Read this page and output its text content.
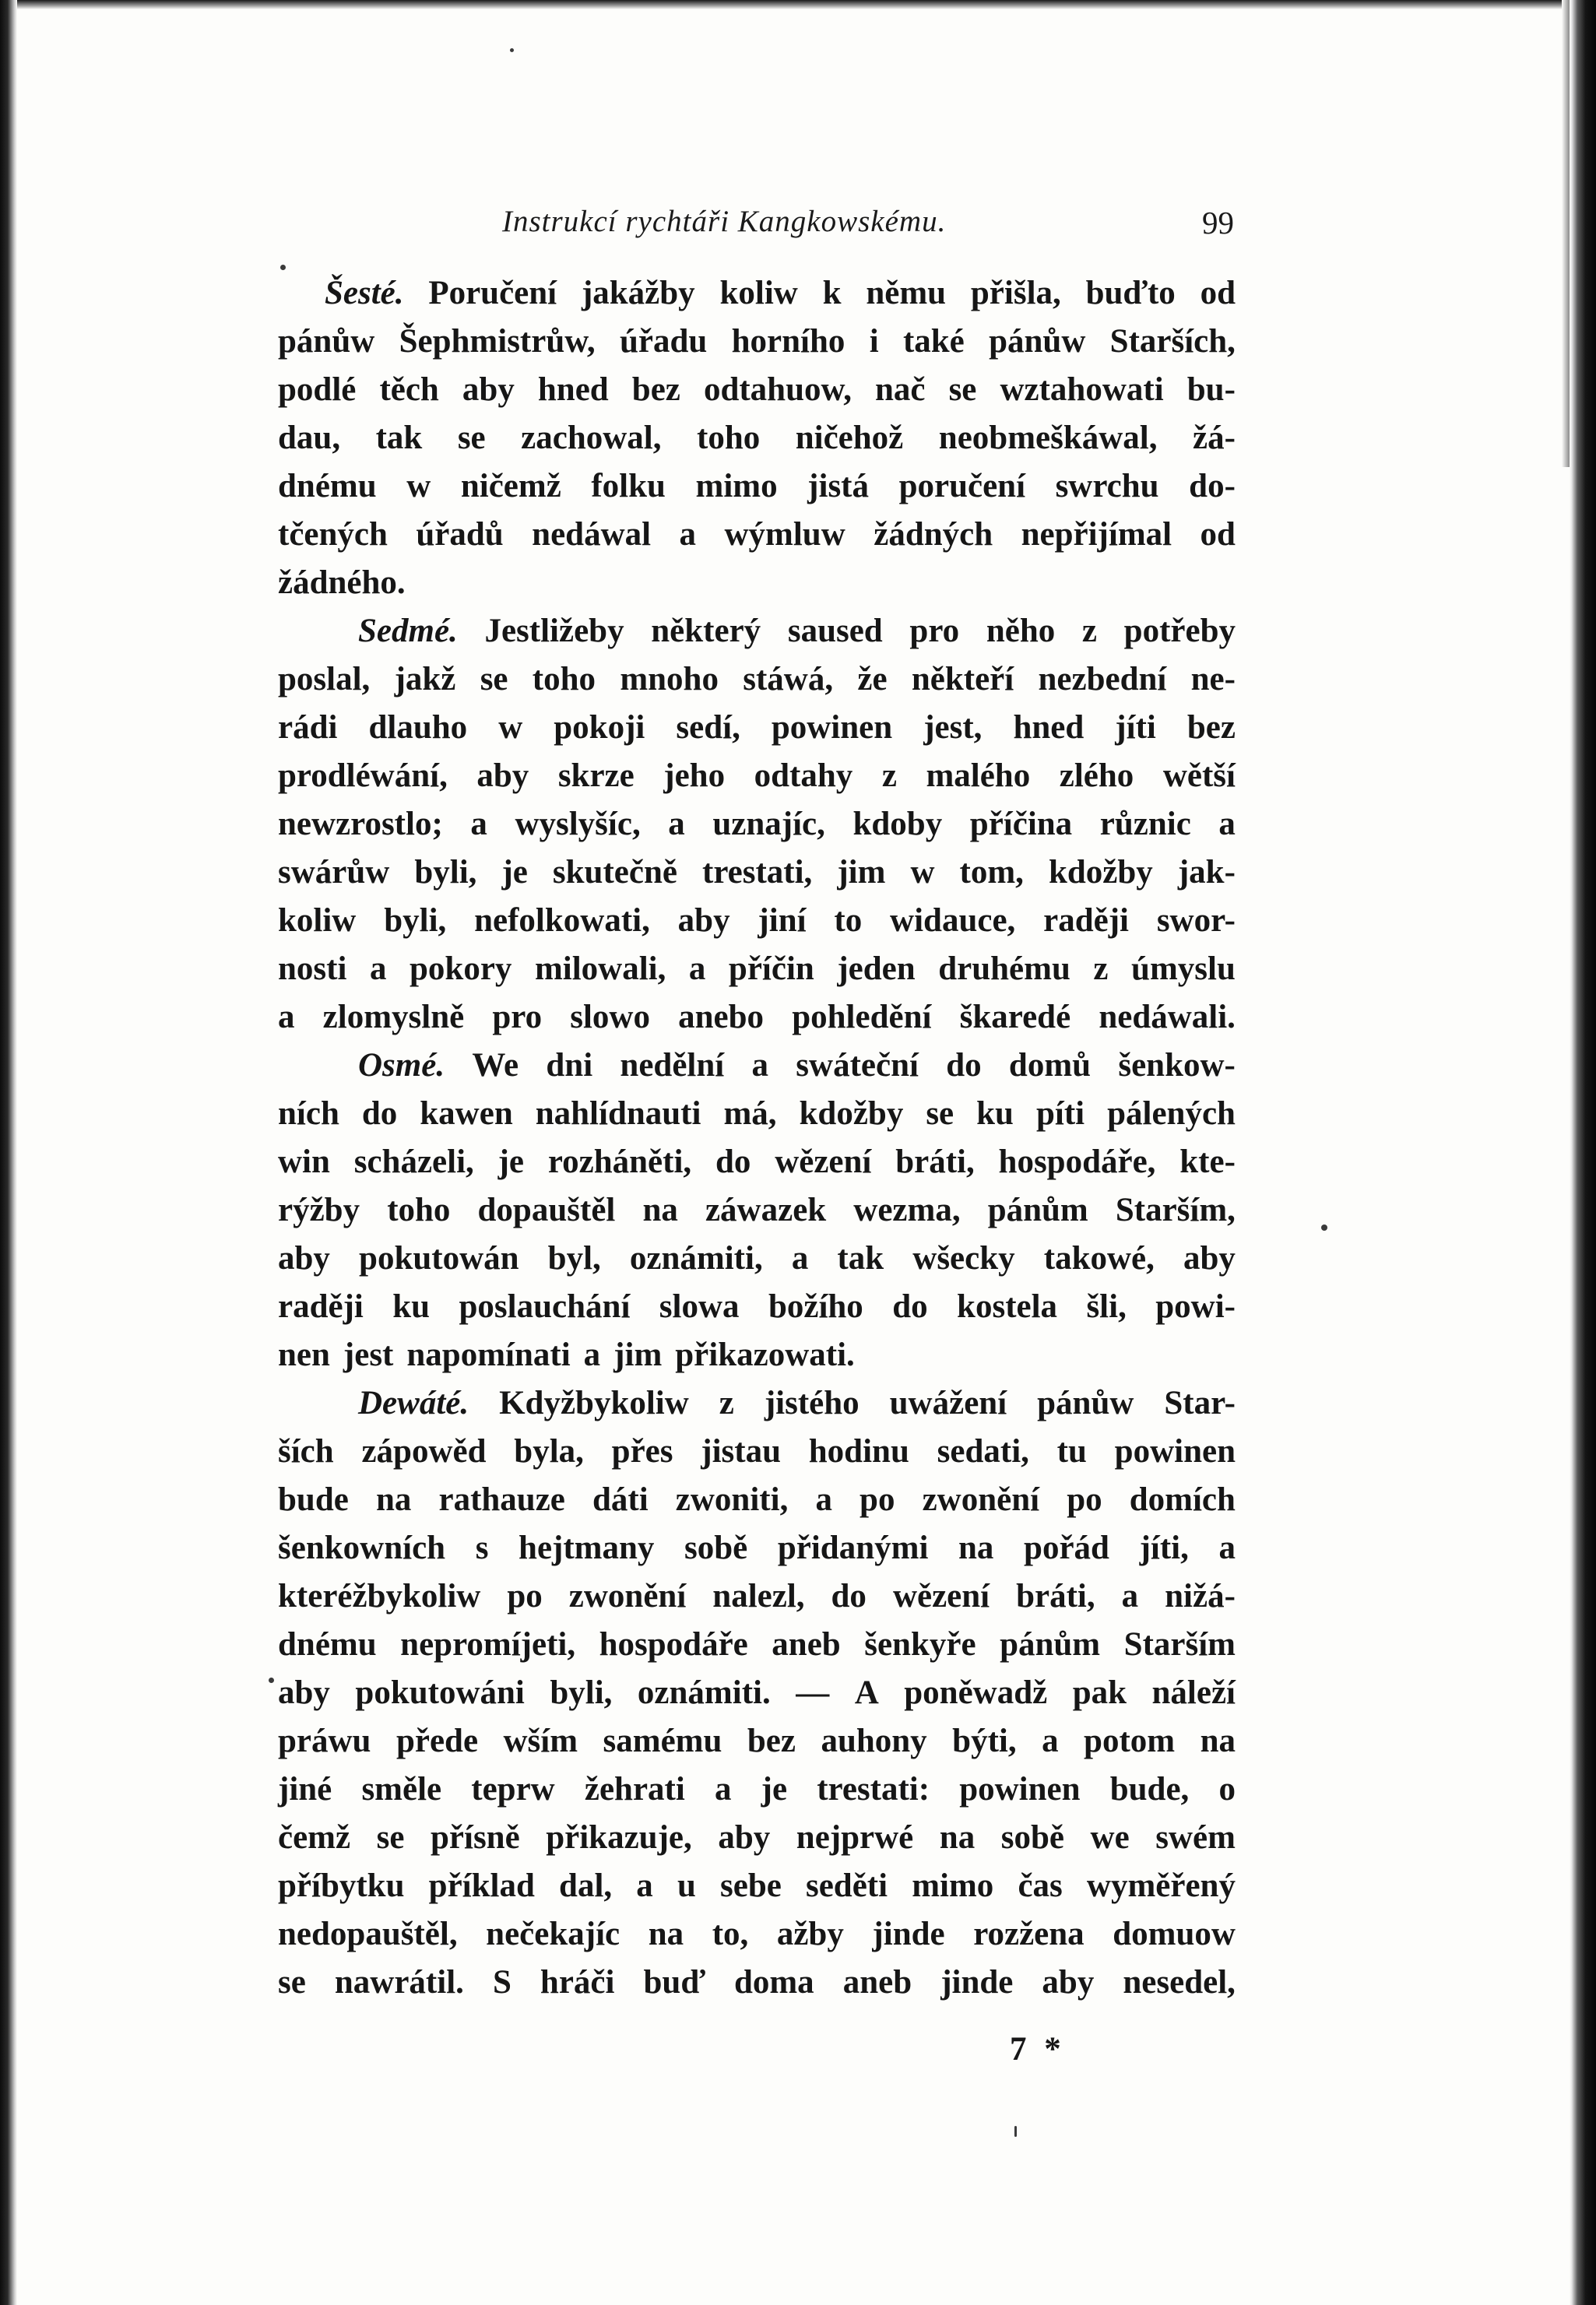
Instrukcí rychtáři Kangkowskému.	99
Šesté. Poručení jakážby koliw k němu přišla, buďto od
pánůw Šephmistrůw, úřadu horního i také pánůw Starších,
podlé těch aby hned bez odtahuow, nač se wztahowati bu-
dau, tak se zachowal, toho ničehož neobmeškáwal, žá-
dnému w ničemž folku mimo jistá poručení swrchu do-
tčených úřadů nedáwal a wýmluw žádných nepřijímal od
žádného.
Sedmé. Jestližeby některý saused pro něho z potřeby
poslal, jakž se toho mnoho stáwá, že někteří nezbední ne-
rádi dlauho w pokoji sedí, powinen jest, hned jíti bez
prodléwání, aby skrze jeho odtahy z malého zlého wětší
newzrostlo; a wyslyšíc, a uznajíc, kdoby příčina různic a
swárůw byli, je skutečně trestati, jim w tom, kdožby jak-
koliw byli, nefolkowati, aby jiní to widauce, raději swor-
nosti a pokory milowali, a příčin jeden druhému z úmyslu
a zlomyslně pro slowo anebo pohledění škaredé nedáwali.
Osmé. We dni nedělní a swáteční do domů šenkow-
ních do kawen nahlídnauti má, kdožby se ku píti pálených
win scházeli, je rozháněti, do wězení bráti, hospodáře, kte-
rýžby toho dopauštěl na záwazek wezma, pánům Starším,
aby pokutowán byl, oznámiti, a tak wšecky takowé, aby
raději ku poslauchání slowa božího do kostela šli, powi-
nen jest napomínati a jim přikazowati.
Dewáté. Kdyžbykoliw z jistého uwážení pánůw Star-
ších zápowěd byla, přes jistau hodinu sedati, tu powinen
bude na rathauze dáti zwoniti, a po zwonění po domích
šenkowních s hejtmany sobě přidanými na pořád jíti, a
kteréžbykoliw po zwonění nalezl, do wězení bráti, a nižá-
dnému nepromíjeti, hospodáře aneb šenkyře pánům Starším
aby pokutowáni byli, oznámiti. — A poněwadž pak náleží
práwu přede wším samému bez auhony býti, a potom na
jiné směle teprw žehrati a je trestati: powinen bude, o
čemž se přísně přikazuje, aby nejprwé na sobě we swém
příbytku příklad dal, a u sebe seděti mimo čas wyměřený
nedopauštěl, nečekajíc na to, ažby jinde rozžena domuow
se nawrátil. S hráči buď doma aneb jinde aby nesedel,
7 *
